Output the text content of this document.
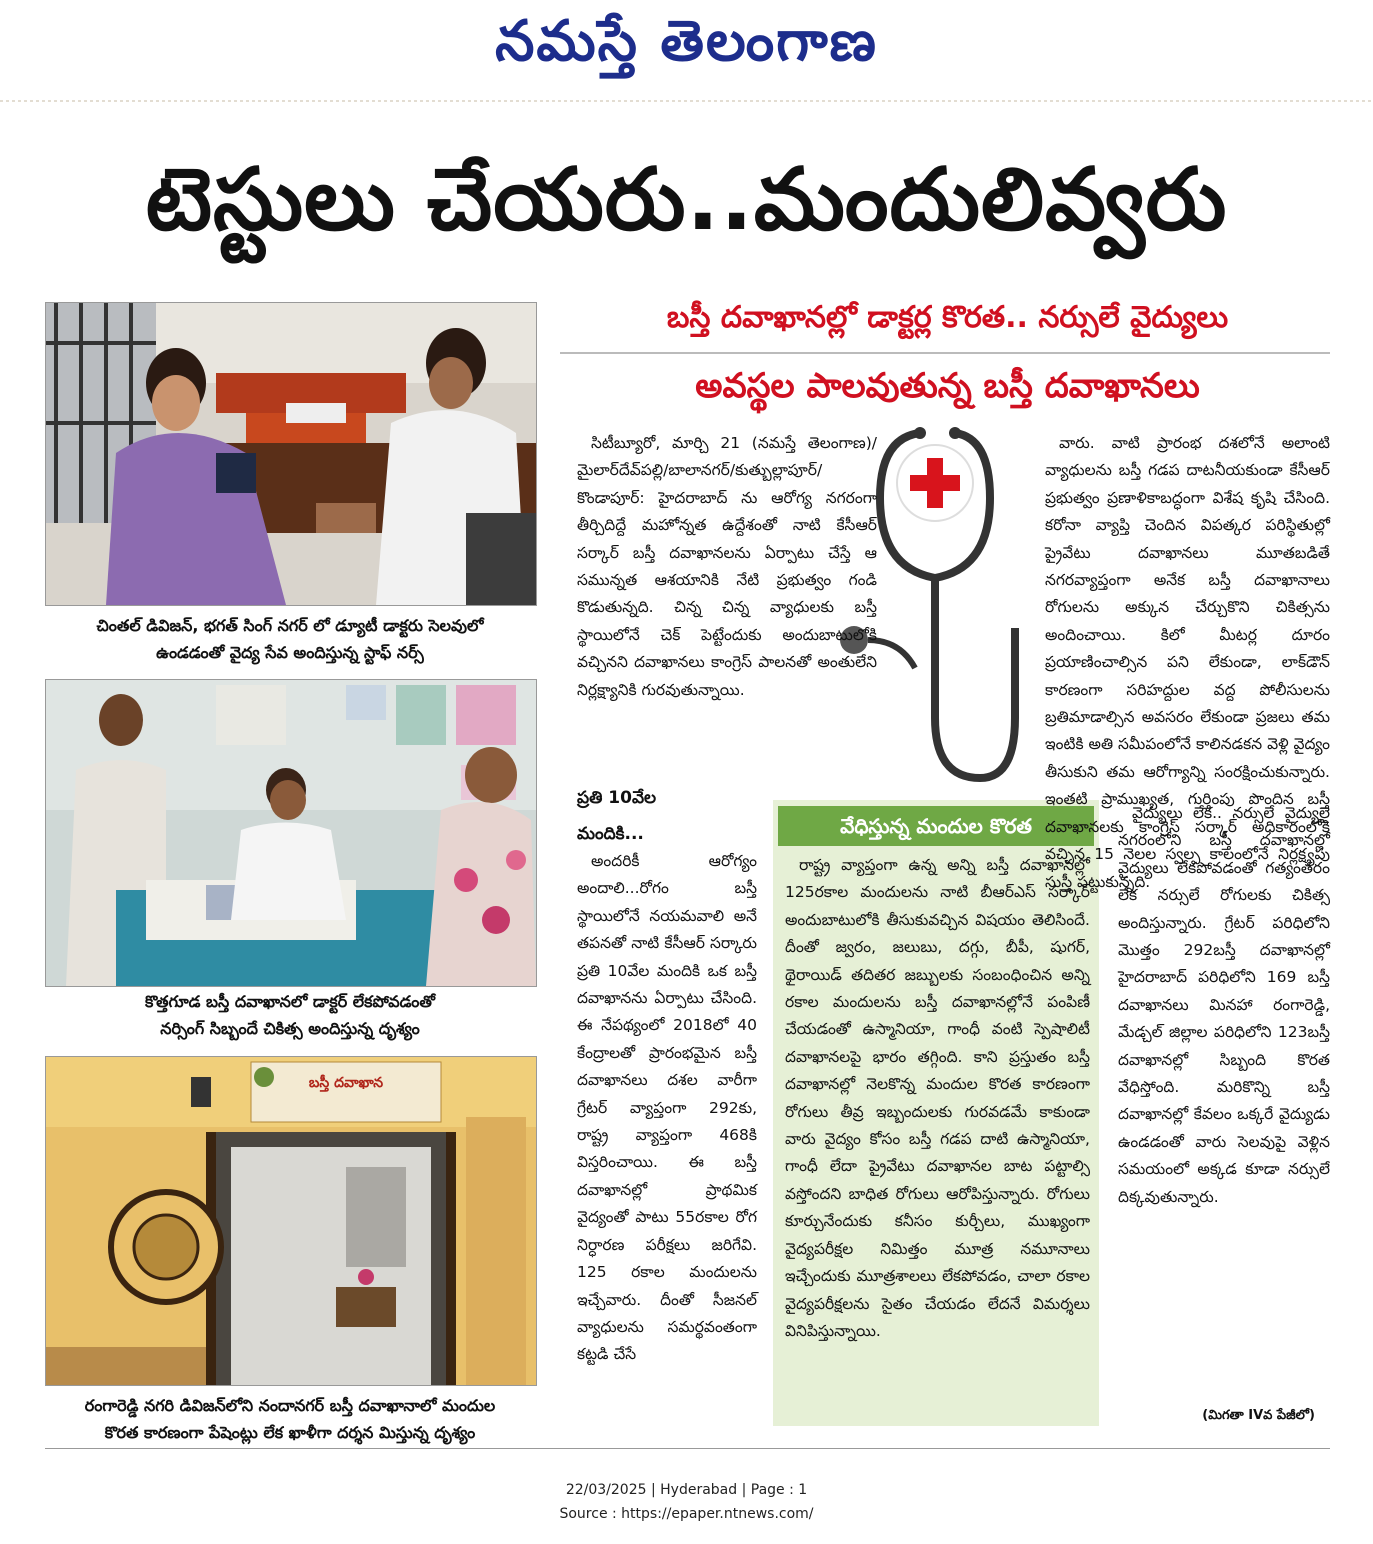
నమస్తే తెలంగాణ
టెస్టులు చేయరు..మందులివ్వరు
చింతల్ డివిజన్, భగత్ సింగ్ నగర్ లో డ్యూటీ డాక్టరు సెలవులో
ఉండడంతో వైద్య సేవ అందిస్తున్న స్టాఫ్ నర్స్
కొత్తగూడ బస్తీ దవాఖానలో డాక్టర్ లేకపోవడంతో
నర్సింగ్ సిబ్బందే చికిత్స అందిస్తున్న దృశ్యం
బస్తీ దవాఖాన
రంగారెడ్డి నగరి డివిజన్‌లోని నందానగర్ బస్తీ దవాఖానాలో మందుల
కొరత కారణంగా పేషెంట్లు లేక ఖాళీగా దర్శన మిస్తున్న దృశ్యం
బస్తీ దవాఖానల్లో డాక్టర్ల కొరత.. నర్సులే వైద్యులు
అవస్థల పాలవుతున్న బస్తీ దవాఖానలు

సిటీబ్యూరో, మార్చి 21 (నమస్తే తెలంగాణ)/మైలార్‌దేవ్‌పల్లి/బాలానగర్/కుత్బుల్లాపూర్/ కొండాపూర్: హైదరాబాద్ ను ఆరోగ్య నగరంగా తీర్చిదిద్దే మహోన్నత ఉద్దేశంతో నాటి కేసీఆర్ సర్కార్ బస్తీ దవాఖానలను ఏర్పాటు చేస్తే ఆ సమున్నత ఆశయానికి నేటి ప్రభుత్వం గండి కొడుతున్నది. చిన్న చిన్న వ్యాధులకు బస్తీ స్థాయిలోనే చెక్ పెట్టేందుకు అందుబాటులోకి వచ్చినని దవాఖానలు కాంగ్రెస్ పాలనతో అంతులేని నిర్లక్ష్యానికి గురవుతున్నాయి.

ప్రతి 10వేల మందికి...

అందరికీ ఆరోగ్యం అందాలి...రోగం బస్తీ స్థాయిలోనే నయమవాలి అనే తపనతో నాటి కేసీఆర్ సర్కారు ప్రతి 10వేల మందికి ఒక బస్తీ దవాఖానను ఏర్పాటు చేసింది. ఈ నేపథ్యంలో 2018లో 40 కేంద్రాలతో ప్రారంభమైన బస్తీ దవాఖానలు దశల వారీగా గ్రేటర్ వ్యాప్తంగా 292కు, రాష్ట్ర వ్యాప్తంగా 468కి విస్తరించాయి. ఈ బస్తీ దవాఖానల్లో ప్రాథమిక వైద్యంతో పాటు 55రకాల రోగ నిర్ధారణ పరీక్షలు జరిగేవి. 125 రకాల మందులను ఇచ్చేవారు. దీంతో సీజనల్ వ్యాధులను సమర్థవంతంగా కట్టడి చేసే

వేధిస్తున్న మందుల కొరత

రాష్ట్ర వ్యాప్తంగా ఉన్న అన్ని బస్తీ దవాఖానల్లో 125రకాల మందులను నాటి బీఆర్ఎస్ సర్కార్ అందుబాటులోకి తీసుకువచ్చిన విషయం తెలిసిందే. దీంతో జ్వరం, జలుబు, దగ్గు, బీపీ, షుగర్, థైరాయిడ్ తదితర జబ్బులకు సంబంధించిన అన్ని రకాల మందులను బస్తీ దవాఖానల్లోనే పంపిణీ చేయడంతో ఉస్మానియా, గాంధీ వంటి స్పెషాలిటీ దవాఖానలపై భారం తగ్గింది. కాని ప్రస్తుతం బస్తీ దవాఖానల్లో నెలకొన్న మందుల కొరత కారణంగా రోగులు తీవ్ర ఇబ్బందులకు గురవడమే కాకుండా వారు వైద్యం కోసం బస్తీ గడప దాటి ఉస్మానియా, గాంధీ లేదా ప్రైవేటు దవాఖానల బాట పట్టాల్సి వస్తోందని బాధిత రోగులు ఆరోపిస్తున్నారు. రోగులు కూర్చునేందుకు కనీసం కుర్చీలు, ముఖ్యంగా వైద్యపరీక్షల నిమిత్తం మూత్ర నమూనాలు ఇచ్చేందుకు మూత్రశాలలు లేకపోవడం, చాలా రకాల వైద్యపరీక్షలను సైతం చేయడం లేదనే విమర్శలు వినిపిస్తున్నాయి.

వారు. వాటి ప్రారంభ దశలోనే అలాంటి వ్యాధులను బస్తీ గడప దాటనీయకుండా కేసీఆర్ ప్రభుత్వం ప్రణాళికాబద్ధంగా విశేష కృషి చేసింది. కరోనా వ్యాప్తి చెందిన విపత్కర పరిస్థితుల్లో ప్రైవేటు దవాఖానలు మూతబడితే నగరవ్యాప్తంగా అనేక బస్తీ దవాఖానాలు రోగులను అక్కున చేర్చుకొని చికిత్సను అందించాయి. కిలో మీటర్ల దూరం ప్రయాణించాల్సిన పని లేకుండా, లాక్‌డౌన్ కారణంగా సరిహద్దుల వద్ద పోలీసులను బ్రతిమాడాల్సిన అవసరం లేకుండా ప్రజలు తమ ఇంటికి అతి సమీపంలోనే కాలినడకన వెళ్లి వైద్యం తీసుకుని తమ ఆరోగ్యాన్ని సంరక్షించుకున్నారు. ఇంతటి ప్రాముఖ్యత, గుర్తింపు పొందిన బస్తీ దవాఖానలకు కాంగ్రెస్ సర్కార్ అధికారంలోకి వచ్చిన 15 నెలల స్వల్ప కాలంలోనే నిర్లక్ష్యపు సుస్తీ పట్టుకున్నది.

వైద్యులు లేక.. నర్సులే వైద్యులై నగరంలోని బస్తీ దవాఖానల్లో వైద్యులు లేకపోవడంతో గత్యంతరం లేక నర్సులే రోగులకు చికిత్స అందిస్తున్నారు. గ్రేటర్ పరిధిలోని మొత్తం 292బస్తీ దవాఖానల్లో హైదరాబాద్ పరిధిలోని 169 బస్తీ దవాఖానలు మినహా రంగారెడ్డి, మేడ్చల్ జిల్లాల పరిధిలోని 123బస్తీ దవాఖానల్లో సిబ్బంది కొరత వేధిస్తోంది. మరికొన్ని బస్తీ దవాఖానల్లో కేవలం ఒక్కరే వైద్యుడు ఉండడంతో వారు సెలవుపై వెళ్లిన సమయంలో అక్కడ కూడా నర్సులే దిక్కవుతున్నారు.

(మిగతా IVవ పేజీలో)
22/03/2025 | Hyderabad | Page : 1
Source : https://epaper.ntnews.com/
